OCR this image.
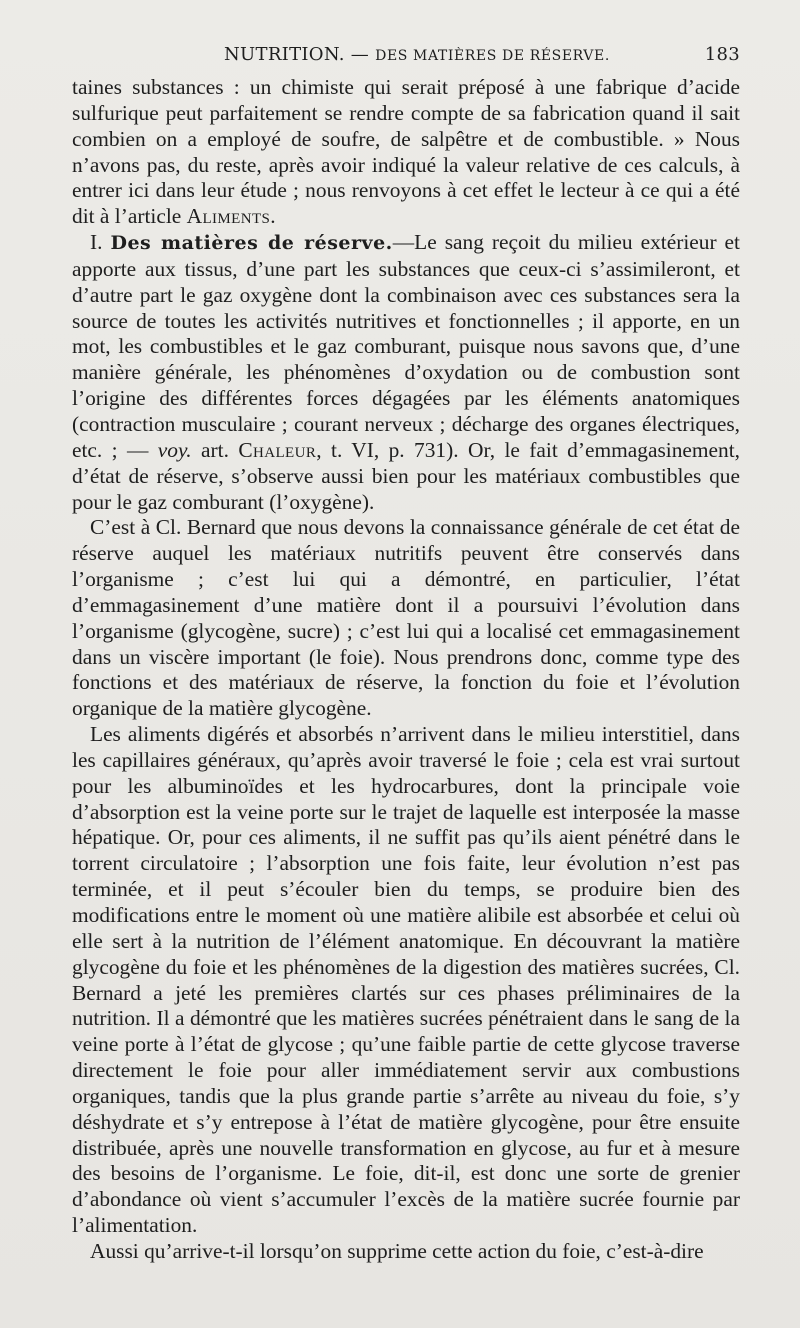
NUTRITION. — DES MATIÈRES DE RÉSERVE.	183

taines substances : un chimiste qui serait préposé à une fabrique d’acide sulfurique peut parfaitement se rendre compte de sa fabrication quand il sait combien on a employé de soufre, de salpêtre et de combustible. » Nous n’avons pas, du reste, après avoir indiqué la valeur relative de ces calculs, à entrer ici dans leur étude ; nous renvoyons à cet effet le lecteur à ce qui a été dit à l’article Aliments.

I. Des matières de réserve.—Le sang reçoit du milieu extérieur et apporte aux tissus, d’une part les substances que ceux-ci s’assimileront, et d’autre part le gaz oxygène dont la combinaison avec ces substances sera la source de toutes les activités nutritives et fonctionnelles ; il apporte, en un mot, les combustibles et le gaz comburant, puisque nous savons que, d’une manière générale, les phénomènes d’oxydation ou de combustion sont l’origine des différentes forces dégagées par les éléments anatomiques (contraction musculaire ; courant nerveux ; décharge des organes électriques, etc. ; — voy. art. Chaleur, t. VI, p. 731). Or, le fait d’emmagasinement, d’état de réserve, s’observe aussi bien pour les matériaux combustibles que pour le gaz comburant (l’oxygène).

C’est à Cl. Bernard que nous devons la connaissance générale de cet état de réserve auquel les matériaux nutritifs peuvent être conservés dans l’organisme ; c’est lui qui a démontré, en particulier, l’état d’emmagasinement d’une matière dont il a poursuivi l’évolution dans l’organisme (glycogène, sucre) ; c’est lui qui a localisé cet emmagasinement dans un viscère important (le foie). Nous prendrons donc, comme type des fonctions et des matériaux de réserve, la fonction du foie et l’évolution organique de la matière glycogène.

Les aliments digérés et absorbés n’arrivent dans le milieu interstitiel, dans les capillaires généraux, qu’après avoir traversé le foie ; cela est vrai surtout pour les albuminoïdes et les hydrocarbures, dont la principale voie d’absorption est la veine porte sur le trajet de laquelle est interposée la masse hépatique. Or, pour ces aliments, il ne suffit pas qu’ils aient pénétré dans le torrent circulatoire ; l’absorption une fois faite, leur évolution n’est pas terminée, et il peut s’écouler bien du temps, se produire bien des modifications entre le moment où une matière alibile est absorbée et celui où elle sert à la nutrition de l’élément anatomique. En découvrant la matière glycogène du foie et les phénomènes de la digestion des matières sucrées, Cl. Bernard a jeté les premières clartés sur ces phases préliminaires de la nutrition. Il a démontré que les matières sucrées pénétraient dans le sang de la veine porte à l’état de glycose ; qu’une faible partie de cette glycose traverse directement le foie pour aller immédiatement servir aux combustions organiques, tandis que la plus grande partie s’arrête au niveau du foie, s’y déshydrate et s’y entrepose à l’état de matière glycogène, pour être ensuite distribuée, après une nouvelle transformation en glycose, au fur et à mesure des besoins de l’organisme. Le foie, dit-il, est donc une sorte de grenier d’abondance où vient s’accumuler l’excès de la matière sucrée fournie par l’alimentation.

Aussi qu’arrive-t-il lorsqu’on supprime cette action du foie, c’est-à-dire
